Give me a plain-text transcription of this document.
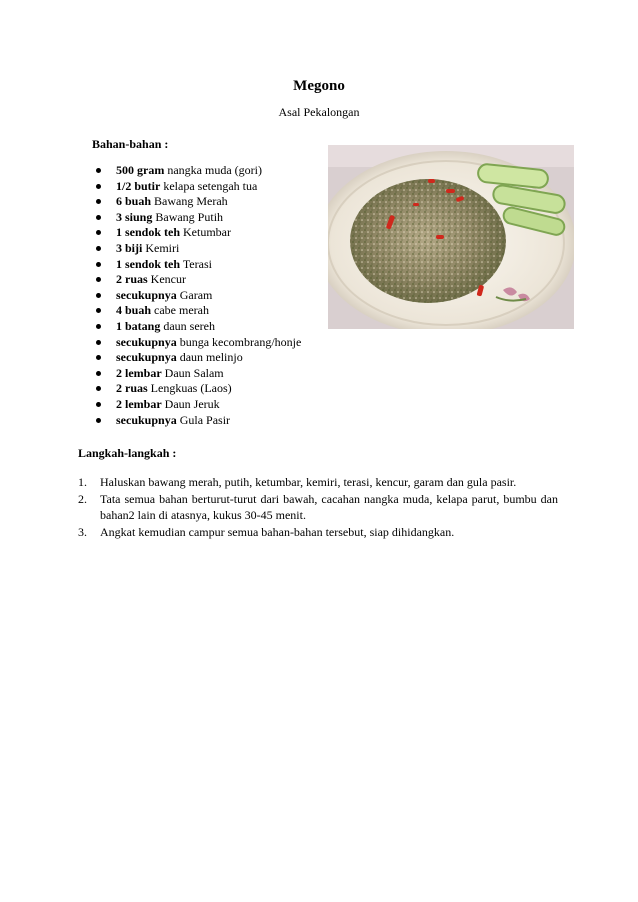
Megono
Asal Pekalongan
Bahan-bahan :
500 gram nangka muda (gori)
1/2 butir kelapa setengah tua
6 buah Bawang Merah
3 siung Bawang Putih
1 sendok teh Ketumbar
3 biji Kemiri
1 sendok teh Terasi
2 ruas Kencur
secukupnya Garam
4 buah cabe merah
1 batang daun sereh
secukupnya bunga kecombrang/honje
secukupnya daun melinjo
2 lembar Daun Salam
2 ruas Lengkuas (Laos)
2 lembar Daun Jeruk
secukupnya Gula Pasir
Langkah-langkah :
1. Haluskan bawang merah, putih, ketumbar, kemiri, terasi, kencur, garam dan gula pasir.
2. Tata semua bahan berturut-turut dari bawah, cacahan nangka muda, kelapa parut, bumbu dan bahan2 lain di atasnya, kukus 30-45 menit.
3. Angkat kemudian campur semua bahan-bahan tersebut, siap dihidangkan.
